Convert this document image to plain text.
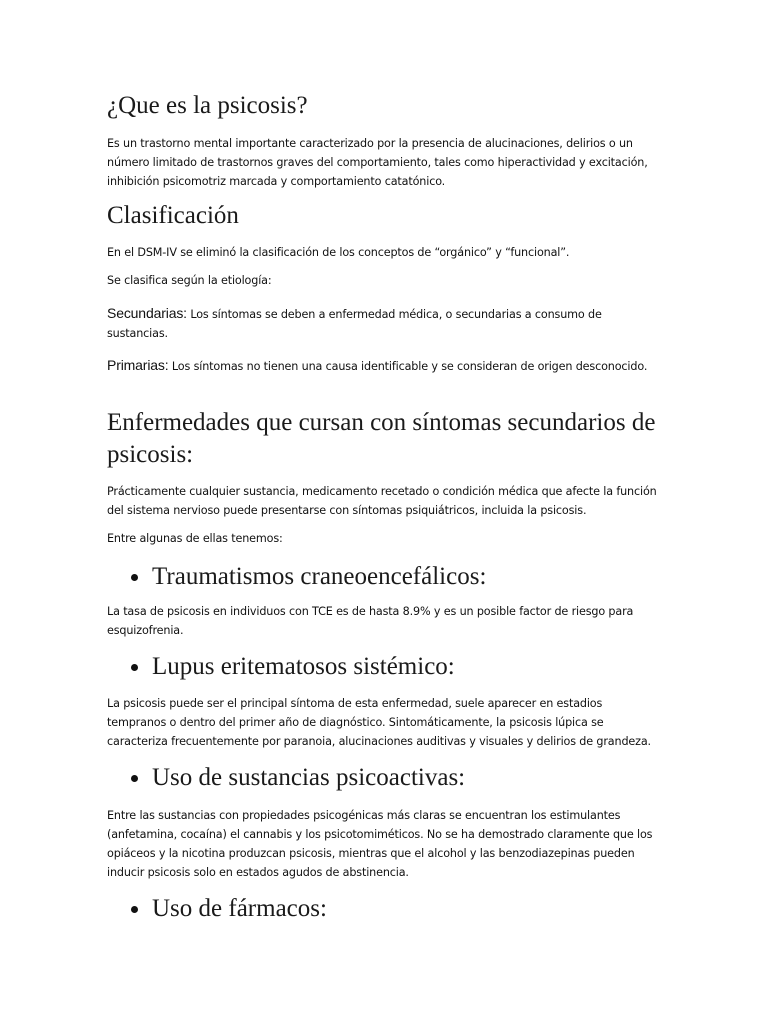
¿Que es la psicosis?

Es un trastorno mental importante caracterizado por la presencia de alucinaciones, delirios o un número limitado de trastornos graves del comportamiento, tales como hiperactividad y excitación, inhibición psicomotriz marcada y comportamiento catatónico.

Clasificación

En el DSM-IV se eliminó la clasificación de los conceptos de “orgánico” y “funcional”.

Se clasifica según la etiología:

Secundarias: Los síntomas se deben a enfermedad médica, o secundarias a consumo de sustancias.

Primarias: Los síntomas no tienen una causa identificable y se consideran de origen desconocido.

Enfermedades que cursan con síntomas secundarios de psicosis:

Prácticamente cualquier sustancia, medicamento recetado o condición médica que afecte la función del sistema nervioso puede presentarse con síntomas psiquiátricos, incluida la psicosis.

Entre algunas de ellas tenemos:

Traumatismos craneoencefálicos:

La tasa de psicosis en individuos con TCE es de hasta 8.9% y es un posible factor de riesgo para esquizofrenia.

Lupus eritematosos sistémico:

La psicosis puede ser el principal síntoma de esta enfermedad, suele aparecer en estadios tempranos o dentro del primer año de diagnóstico. Sintomáticamente, la psicosis lúpica se caracteriza frecuentemente por paranoia, alucinaciones auditivas y visuales y delirios de grandeza.

Uso de sustancias psicoactivas:

Entre las sustancias con propiedades psicogénicas más claras se encuentran los estimulantes (anfetamina, cocaína) el cannabis y los psicotomiméticos. No se ha demostrado claramente que los opiáceos y la nicotina produzcan psicosis, mientras que el alcohol y las benzodiazepinas pueden inducir psicosis solo en estados agudos de abstinencia.

Uso de fármacos:
